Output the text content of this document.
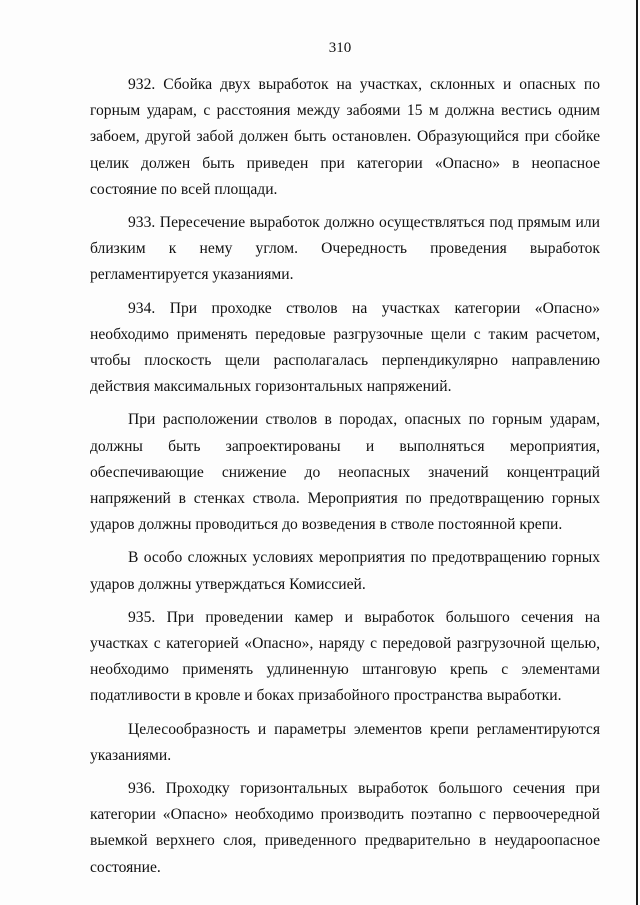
310

932. Сбойка двух выработок на участках, склонных и опасных по горным ударам, с расстояния между забоями 15 м должна вестись одним забоем, другой забой должен быть остановлен. Образующийся при сбойке целик должен быть приведен при категории «Опасно» в неопасное состояние по всей площади.

933. Пересечение выработок должно осуществляться под прямым или близким к нему углом. Очередность проведения выработок регламентируется указаниями.

934. При проходке стволов на участках категории «Опасно» необходимо применять передовые разгрузочные щели с таким расчетом, чтобы плоскость щели располагалась перпендикулярно направлению действия максимальных горизонтальных напряжений.

При расположении стволов в породах, опасных по горным ударам, должны быть запроектированы и выполняться мероприятия, обеспечивающие снижение до неопасных значений концентраций напряжений в стенках ствола. Мероприятия по предотвращению горных ударов должны проводиться до возведения в стволе постоянной крепи.

В особо сложных условиях мероприятия по предотвращению горных ударов должны утверждаться Комиссией.

935. При проведении камер и выработок большого сечения на участках с категорией «Опасно», наряду с передовой разгрузочной щелью, необходимо применять удлиненную штанговую крепь с элементами податливости в кровле и боках призабойного пространства выработки.

Целесообразность и параметры элементов крепи регламентируются указаниями.

936. Проходку горизонтальных выработок большого сечения при категории «Опасно» необходимо производить поэтапно с первоочередной выемкой верхнего слоя, приведенного предварительно в неударoопасное состояние.
